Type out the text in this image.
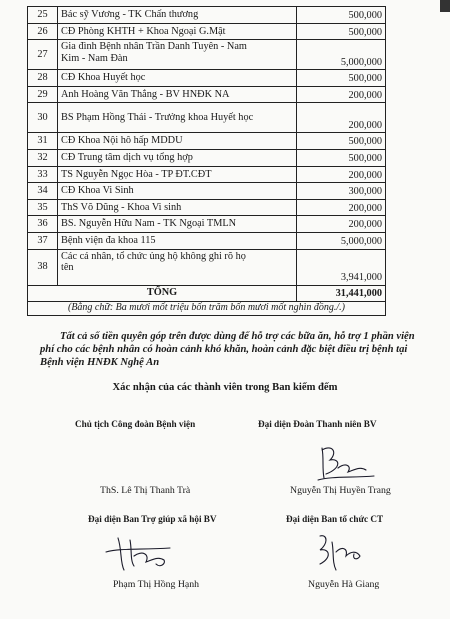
25	Bác sỹ Vương - TK Chấn thương	500,000
26	CĐ Phòng KHTH + Khoa Ngoại G.Mật	500,000
27	Gia đình Bệnh nhân Trần Danh Tuyên - Nam
Kim - Nam Đàn	5,000,000
28	CĐ Khoa Huyết học	500,000
29	Anh Hoàng Văn Thắng - BV HNĐK NA	200,000
30	BS Phạm Hồng Thái - Trưởng khoa Huyết học	200,000
31	CĐ Khoa Nội hô hấp MDDU	500,000
32	CĐ Trung tâm dịch vụ tổng hợp	500,000
33	TS Nguyễn Ngọc Hòa - TP ĐT.CĐT	200,000
34	CĐ Khoa Vi Sinh	300,000
35	ThS Võ Dũng - Khoa Vi sinh	200,000
36	BS. Nguyễn Hữu Nam - TK Ngoại TMLN	200,000
37	Bệnh viện đa khoa 115	5,000,000
38	Các cá nhân, tổ chức ủng hộ không ghi rõ họ
tên	3,941,000
TỔNG		31,441,000
(Bằng chữ: Ba mươi mốt triệu bốn trăm bốn mươi mốt nghìn đồng./.)		
Tất cả số tiền quyên góp trên được dùng để hỗ trợ các bữa ăn, hỗ trợ 1 phần viện
phí cho các bệnh nhân có hoàn cảnh khó khăn, hoàn cảnh đặc biệt điều trị bệnh tại
Bệnh viện HNĐK Nghệ An
Xác nhận của các thành viên trong Ban kiểm đếm
Chủ tịch Công đoàn Bệnh viện	Đại diện Đoàn Thanh niên BV
ThS. Lê Thị Thanh Trà	Nguyễn Thị Huyền Trang
Đại diện Ban Trợ giúp xã hội BV	Đại diện Ban tổ chức CT
Phạm Thị Hồng Hạnh	Nguyễn Hà Giang
